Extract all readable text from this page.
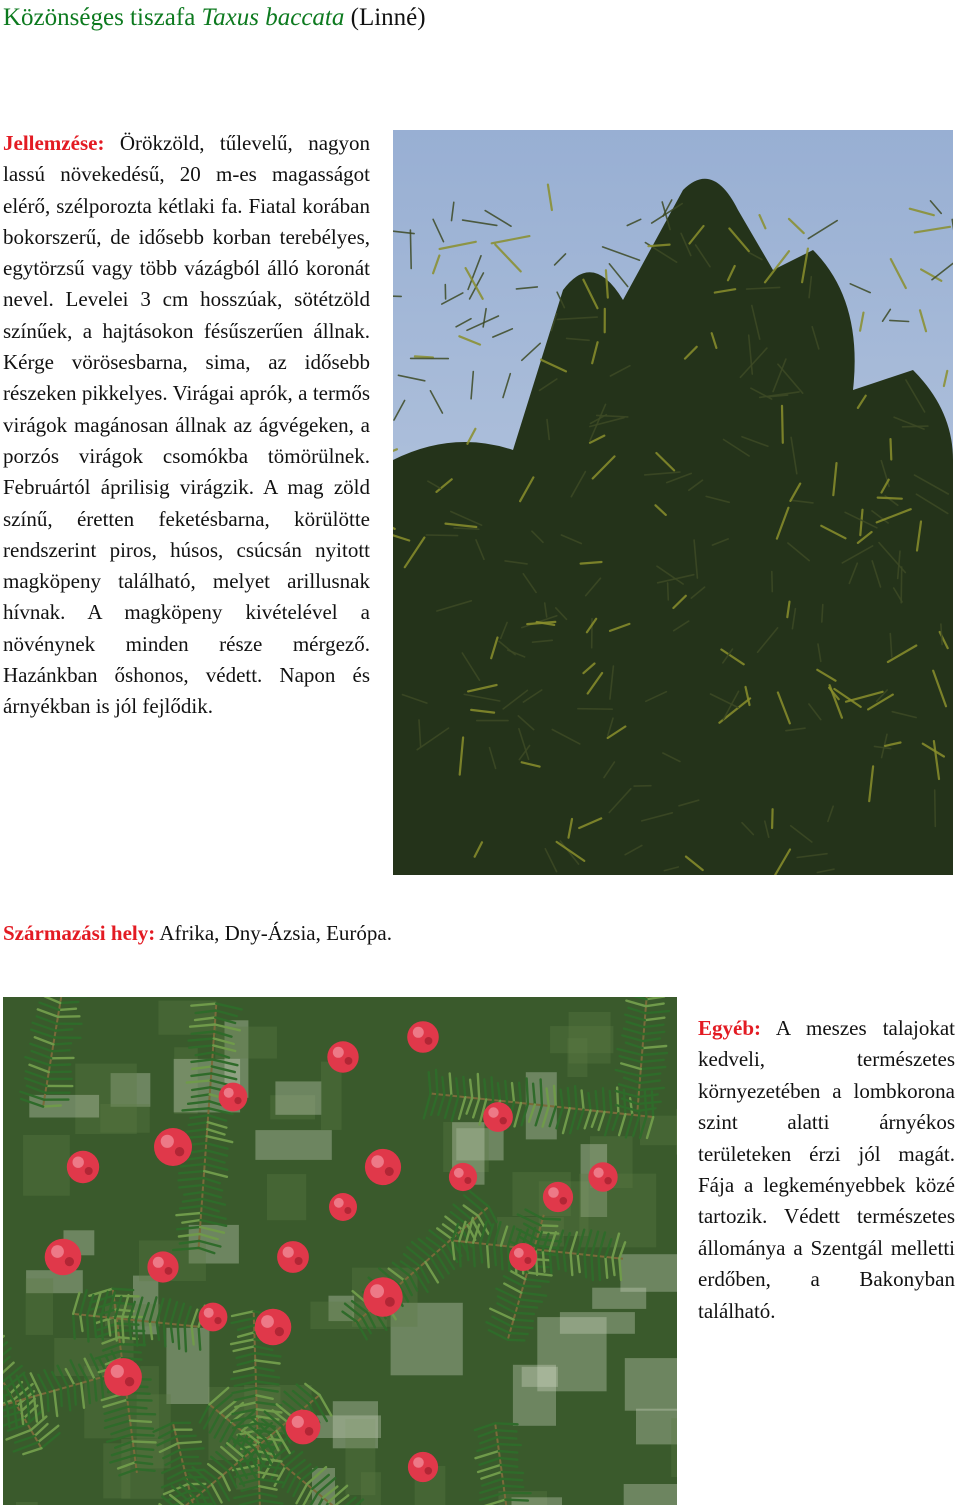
Közönséges tiszafa Taxus baccata (Linné)
Jellemzése: Örökzöld, tűlevelű, nagyon lassú növekedésű, 20 m-es magasságot elérő, szélporozta kétlaki fa. Fiatal korában bokorszerű, de idősebb korban terebélyes, egytörzsű vagy több vázágból álló koronát nevel. Levelei 3 cm hosszúak, sötétzöld színűek, a hajtásokon fésűszerűen állnak. Kérge vörösesbarna, sima, az idősebb részeken pikkelyes. Virágai aprók, a termős virágok magánosan állnak az ágvégeken, a porzós virágok csomókba tömörülnek. Februártól áprilisig virágzik. A mag zöld színű, éretten feketésbarna, körülötte rendszerint piros, húsos, csúcsán nyitott magköpeny található, melyet arillusnak hívnak. A magköpeny kivételével a növénynek minden része mérgező. Hazánkban őshonos, védett. Napon és árnyékban is jól fejlődik.
Származási hely: Afrika, Dny-Ázsia, Európa.
Egyéb: A meszes talajokat kedveli, természetes környezetében a lombkorona szint alatti árnyékos területeken érzi jól magát. Fája a legkeményebbek közé tartozik. Védett természetes állománya a Szentgál melletti erdőben, a Bakonyban található.
